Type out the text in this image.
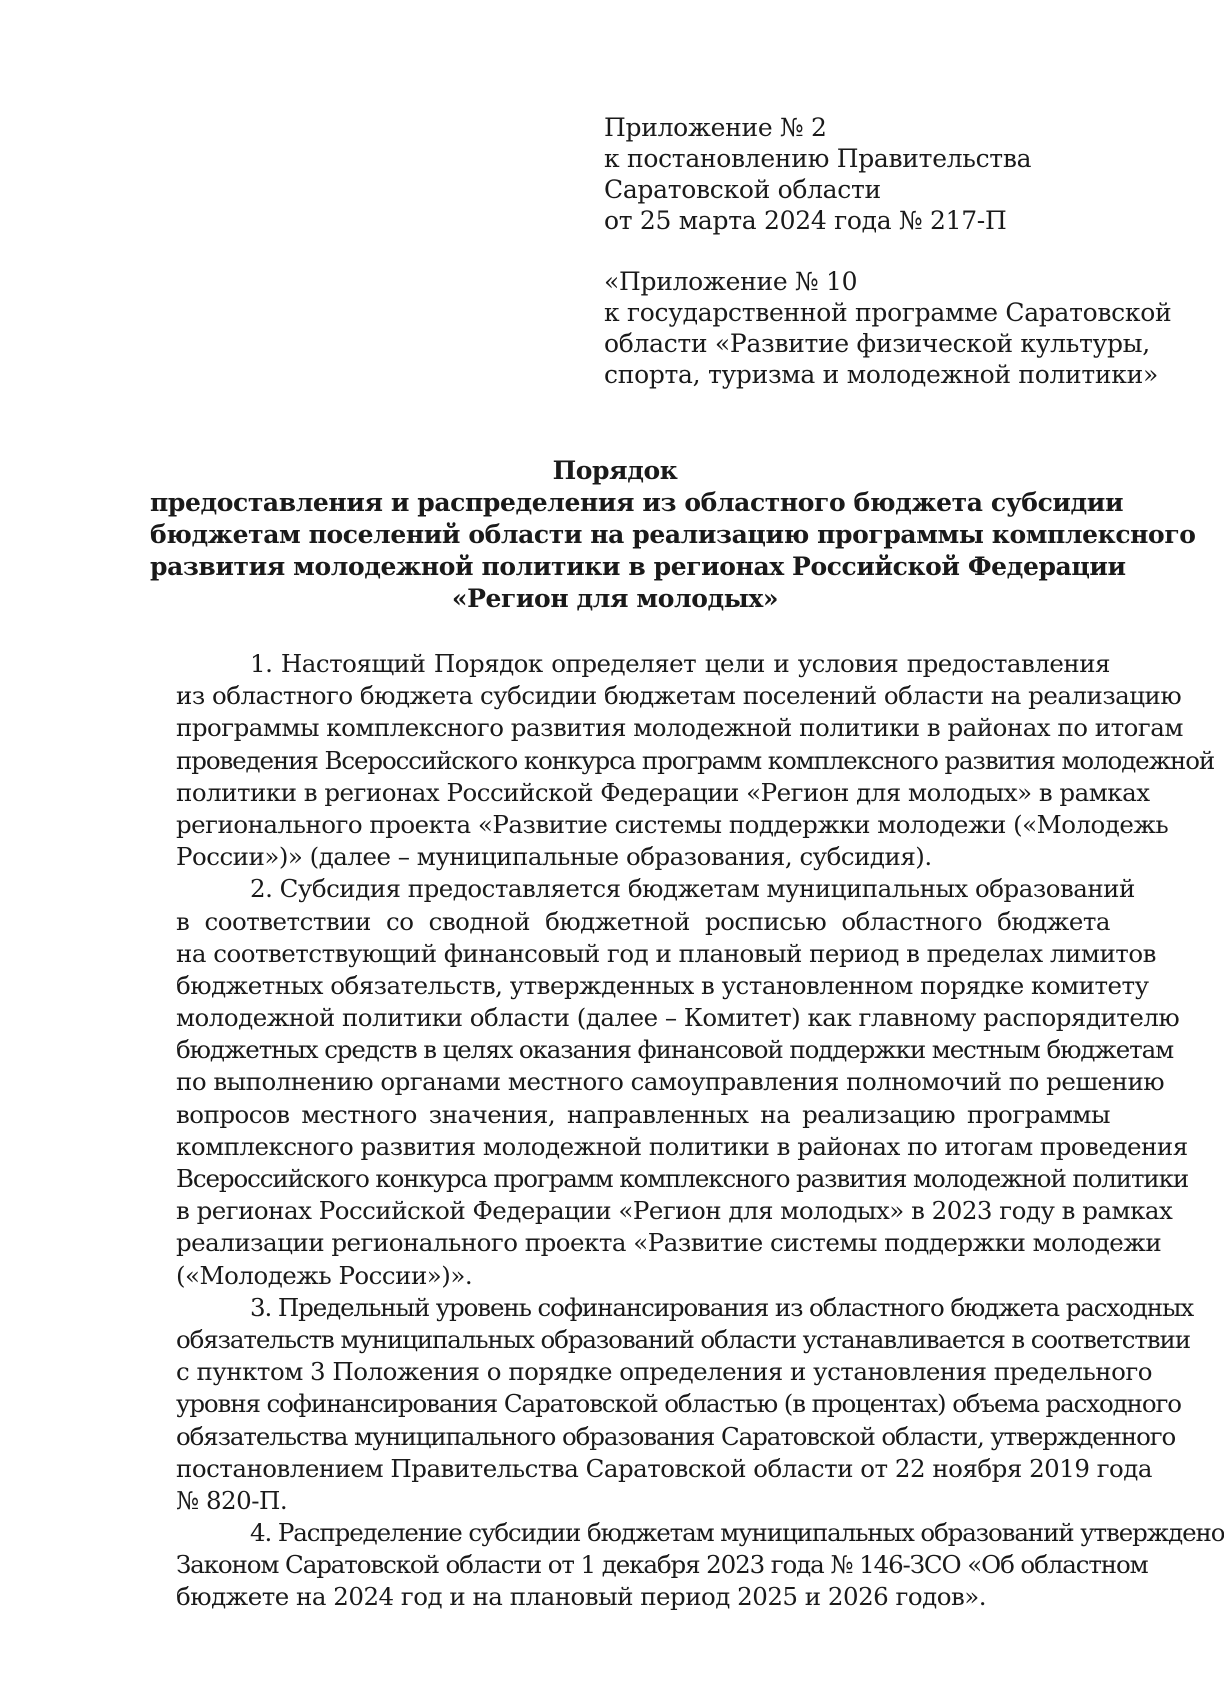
Приложение № 2
к постановлению Правительства
Саратовской области
от 25 марта 2024 года № 217-П
«Приложение № 10
к государственной программе Саратовской
области «Развитие физической культуры,
спорта, туризма и молодежной политики»
Порядок
предоставления и распределения из областного бюджета субсидии
бюджетам поселений области на реализацию программы комплексного
развития молодежной политики в регионах Российской Федерации
«Регион для молодых»
1. Настоящий Порядок определяет цели и условия предоставления
из областного бюджета субсидии бюджетам поселений области на реализацию
программы комплексного развития молодежной политики в районах по итогам
проведения Всероссийского конкурса программ комплексного развития молодежной
политики в регионах Российской Федерации «Регион для молодых» в рамках
регионального проекта «Развитие системы поддержки молодежи («Молодежь
России»)» (далее – муниципальные образования, субсидия).
2. Субсидия предоставляется бюджетам муниципальных образований
в соответствии со сводной бюджетной росписью областного бюджета
на соответствующий финансовый год и плановый период в пределах лимитов
бюджетных обязательств, утвержденных в установленном порядке комитету
молодежной политики области (далее – Комитет) как главному распорядителю
бюджетных средств в целях оказания финансовой поддержки местным бюджетам
по выполнению органами местного самоуправления полномочий по решению
вопросов местного значения, направленных на реализацию программы
комплексного развития молодежной политики в районах по итогам проведения
Всероссийского конкурса программ комплексного развития молодежной политики
в регионах Российской Федерации «Регион для молодых» в 2023 году в рамках
реализации регионального проекта «Развитие системы поддержки молодежи
(«Молодежь России»)».
3. Предельный уровень софинансирования из областного бюджета расходных
обязательств муниципальных образований области устанавливается в соответствии
с пунктом 3 Положения о порядке определения и установления предельного
уровня софинансирования Саратовской областью (в процентах) объема расходного
обязательства муниципального образования Саратовской области, утвержденного
постановлением Правительства Саратовской области от 22 ноября 2019 года
№ 820-П.
4. Распределение субсидии бюджетам муниципальных образований утверждено
Законом Саратовской области от 1 декабря 2023 года № 146-ЗСО «Об областном
бюджете на 2024 год и на плановый период 2025 и 2026 годов».
